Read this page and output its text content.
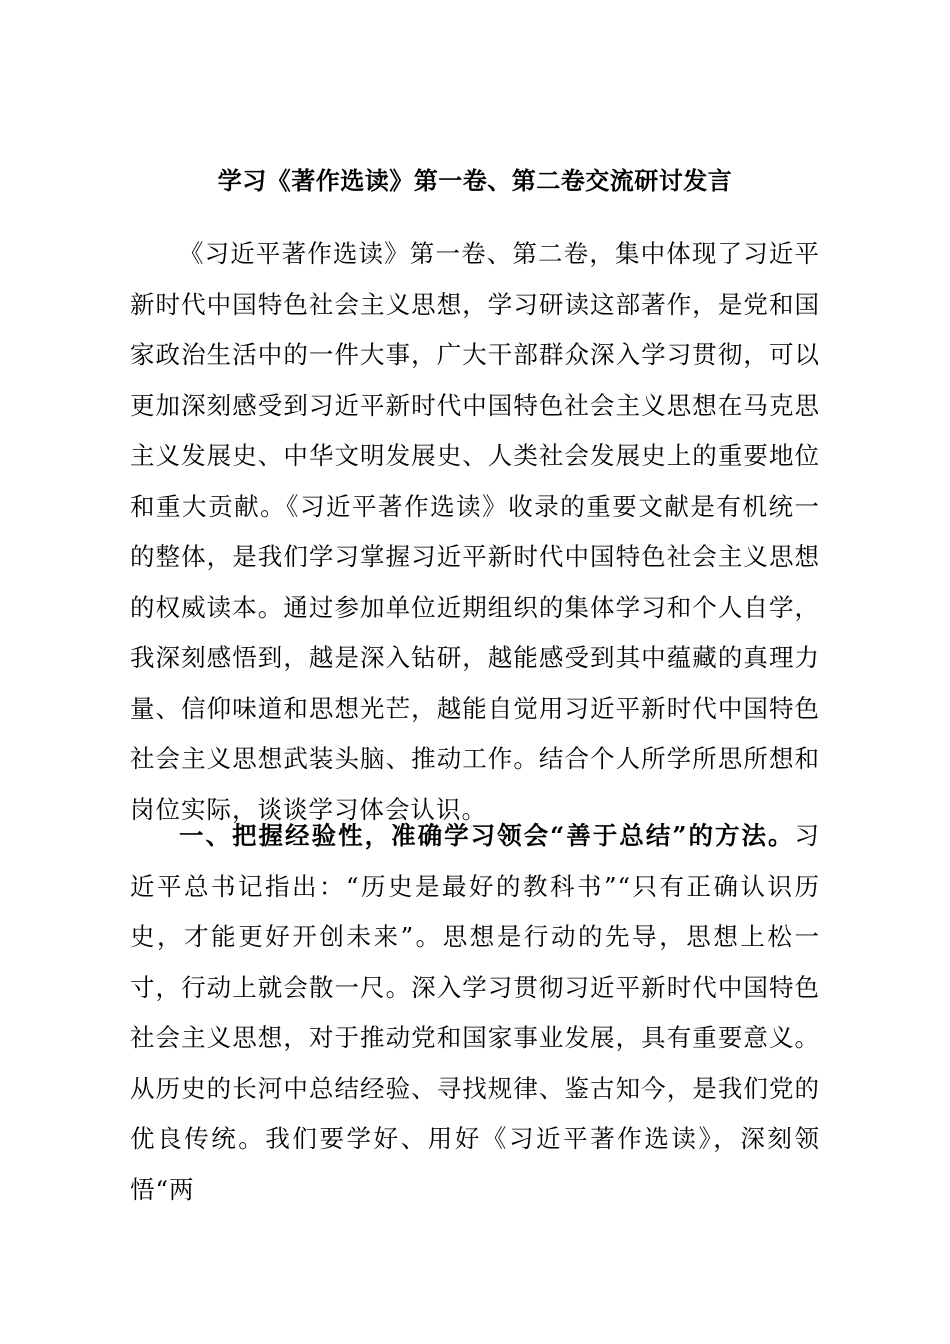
学习《著作选读》第一卷、第二卷交流研讨发言

《习近平著作选读》第一卷、第二卷，集中体现了习近平新时代中国特色社会主义思想，学习研读这部著作，是党和国家政治生活中的一件大事，广大干部群众深入学习贯彻，可以更加深刻感受到习近平新时代中国特色社会主义思想在马克思主义发展史、中华文明发展史、人类社会发展史上的重要地位和重大贡献。《习近平著作选读》收录的重要文献是有机统一的整体，是我们学习掌握习近平新时代中国特色社会主义思想的权威读本。通过参加单位近期组织的集体学习和个人自学，我深刻感悟到，越是深入钻研，越能感受到其中蕴藏的真理力量、信仰味道和思想光芒，越能自觉用习近平新时代中国特色社会主义思想武装头脑、推动工作。结合个人所学所思所想和岗位实际，谈谈学习体会认识。

一、把握经验性，准确学习领会“善于总结”的方法。习近平总书记指出：“历史是最好的教科书”“只有正确认识历史，才能更好开创未来”。思想是行动的先导，思想上松一寸，行动上就会散一尺。深入学习贯彻习近平新时代中国特色社会主义思想，对于推动党和国家事业发展，具有重要意义。从历史的长河中总结经验、寻找规律、鉴古知今，是我们党的优良传统。我们要学好、用好《习近平著作选读》，深刻领悟“两
